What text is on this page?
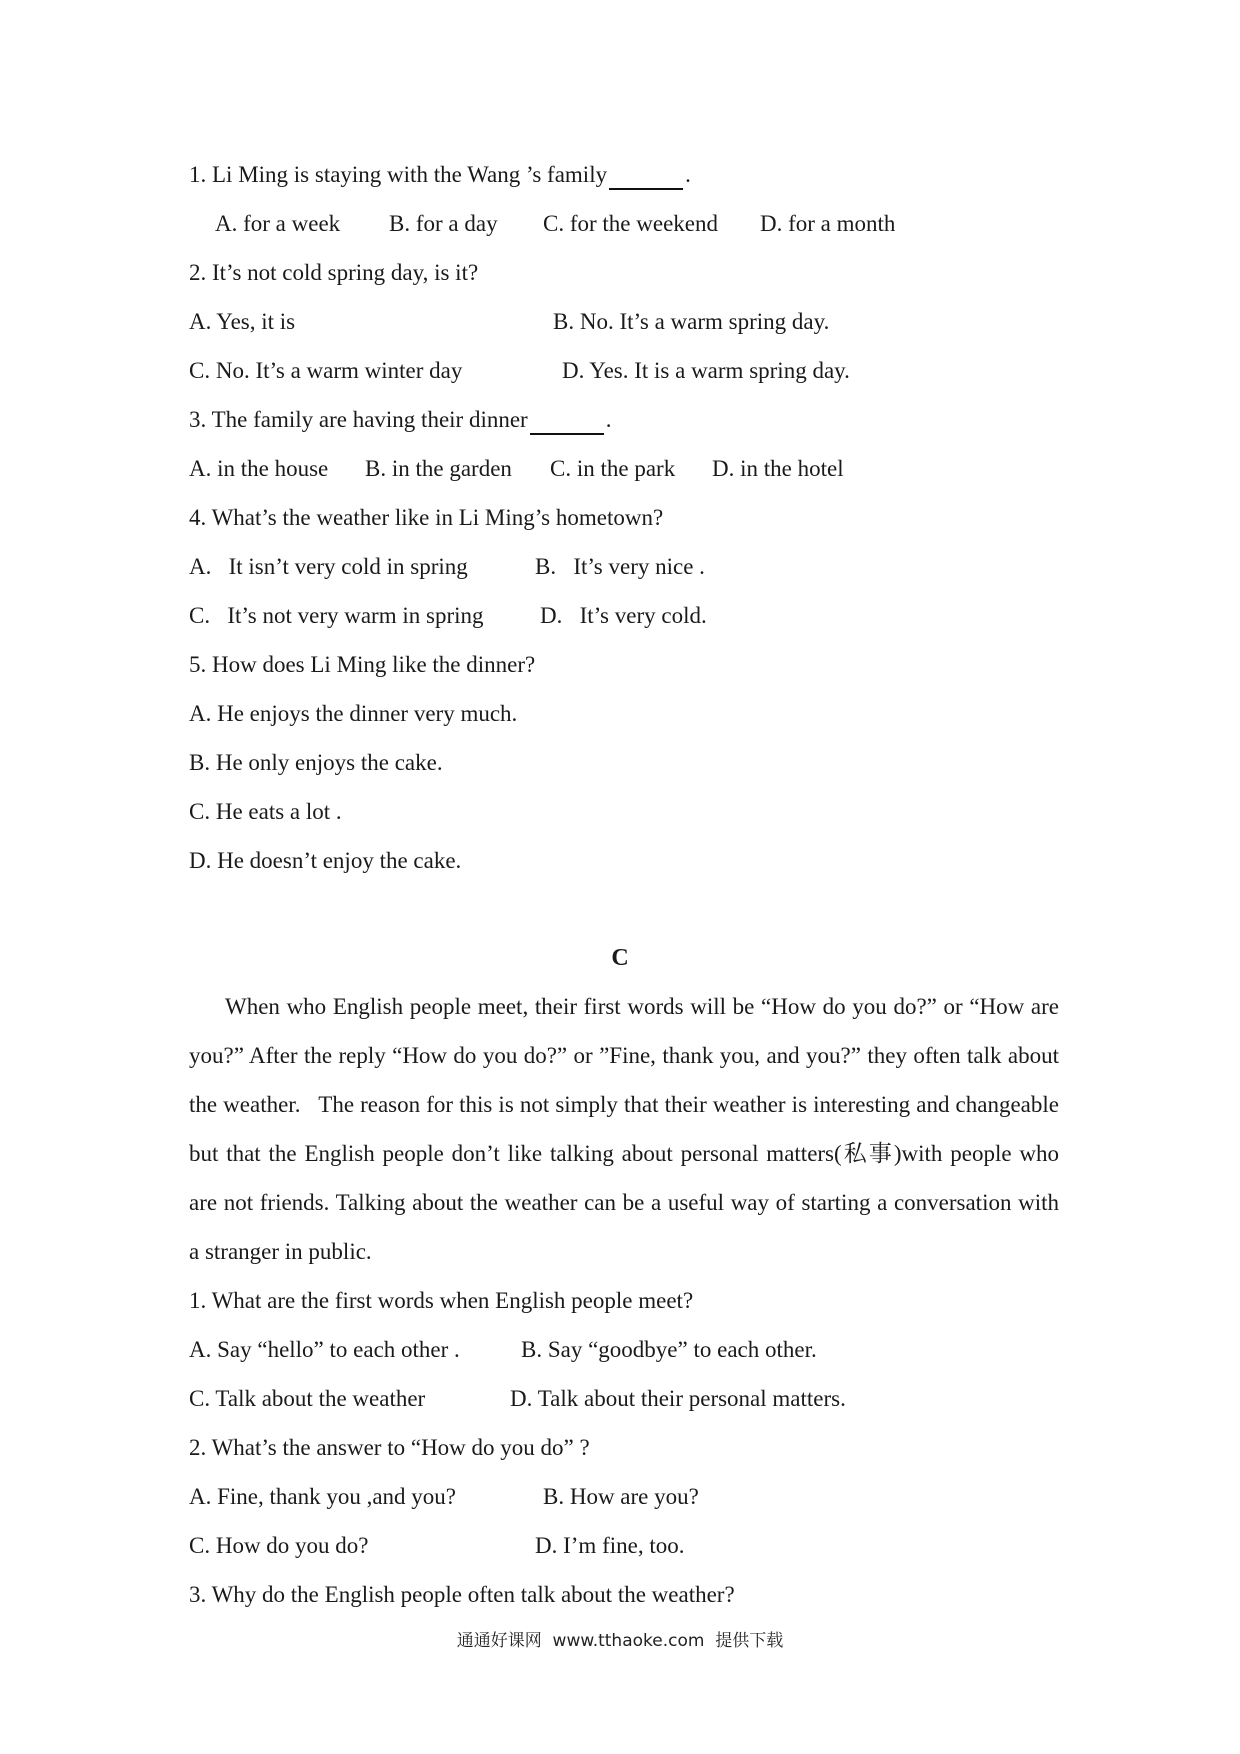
1. Li Ming is staying with the Wang ’s family	.
A. for a week B. for a day C. for the weekend D. for a month
2. It’s not cold spring day, is it?
A. Yes, it is	B. No. It’s a warm spring day.
C. No. It’s a warm winter day	D. Yes. It is a warm spring day.
3. The family are having their dinner	.
A. in the house B. in the garden C. in the park D. in the hotel
4. What’s the weather like in Li Ming’s hometown?
A.   It isn’t very cold in spring	B.   It’s very nice .
C.   It’s not very warm in spring D.   It’s very cold.
5. How does Li Ming like the dinner?
A. He enjoys the dinner very much.
B. He only enjoys the cake.
C. He eats a lot .
D. He doesn’t enjoy the cake.
C

When who English people meet, their first words will be “How do you do?” or “How are you?” After the reply “How do you do?” or ”Fine, thank you, and you?” they often talk about the weather.   The reason for this is not simply that their weather is interesting and changeable but that the English people don’t like talking about personal matters(私事)with people who are not friends. Talking about the weather can be a useful way of starting a conversation with a stranger in public.

1. What are the first words when English people meet?
A. Say “hello” to each other .	B. Say “goodbye” to each other.
C. Talk about the weather	D. Talk about their personal matters.
2. What’s the answer to “How do you do” ?
A. Fine, thank you ,and you?	B. How are you?
C. How do you do?	D. I’m fine, too.
3. Why do the English people often talk about the weather?
通通好课网  www.tthaoke.com  提供下载
